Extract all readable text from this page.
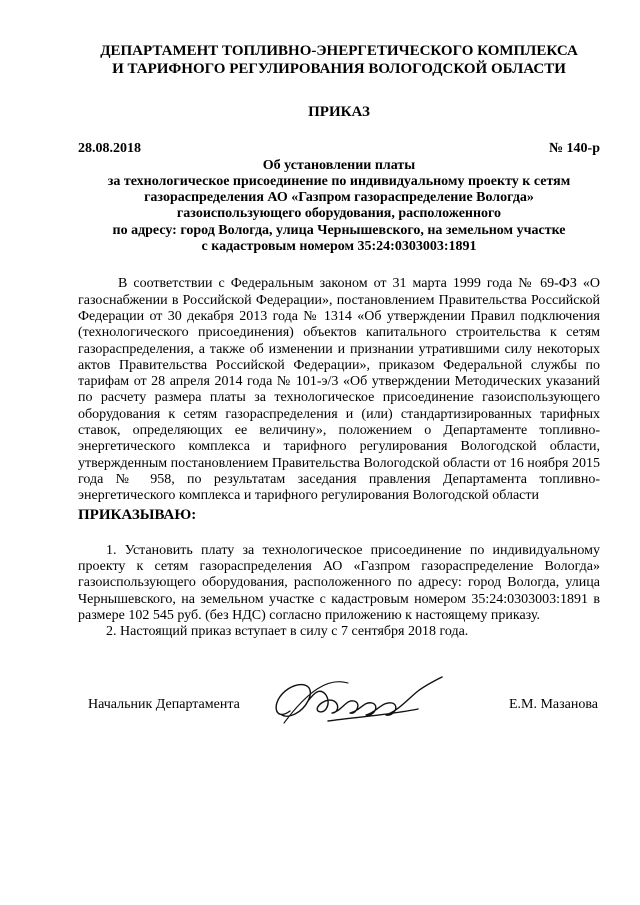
ДЕПАРТАМЕНТ ТОПЛИВНО-ЭНЕРГЕТИЧЕСКОГО КОМПЛЕКСА
И ТАРИФНОГО РЕГУЛИРОВАНИЯ ВОЛОГОДСКОЙ ОБЛАСТИ
ПРИКАЗ
28.08.2018	№ 140-р
Об установлении платы
за технологическое присоединение по индивидуальному проекту к сетям
газораспределения АО «Газпром газораспределение Вологда»
газоиспользующего оборудования, расположенного
по адресу: город Вологда, улица Чернышевского, на земельном участке
с кадастровым номером 35:24:0303003:1891

В соответствии с Федеральным законом от 31 марта 1999 года № 69-ФЗ «О газоснабжении в Российской Федерации», постановлением Правительства Российской Федерации от 30 декабря 2013 года № 1314 «Об утверждении Правил подключения (технологического присоединения) объектов капитального строительства к сетям газораспределения, а также об изменении и признании утратившими силу некоторых актов Правительства Российской Федерации», приказом Федеральной службы по тарифам от 28 апреля 2014 года № 101-э/3 «Об утверждении Методических указаний по расчету размера платы за технологическое присоединение газоиспользующего оборудования к сетям газораспределения и (или) стандартизированных тарифных ставок, определяющих ее величину», положением о Департаменте топливно-энергетического комплекса и тарифного регулирования Вологодской области, утвержденным постановлением Правительства Вологодской области от 16 ноября 2015 года № 958, по результатам заседания правления Департамента топливно-энергетического комплекса и тарифного регулирования Вологодской области

ПРИКАЗЫВАЮ:

1. Установить плату за технологическое присоединение по индивидуальному проекту к сетям газораспределения АО «Газпром газораспределение Вологда» газоиспользующего оборудования, расположенного по адресу: город Вологда, улица Чернышевского, на земельном участке с кадастровым номером 35:24:0303003:1891 в размере 102 545 руб. (без НДС) согласно приложению к настоящему приказу.

2. Настоящий приказ вступает в силу с 7 сентября 2018 года.

Начальник Департамента	Е.М. Мазанова
